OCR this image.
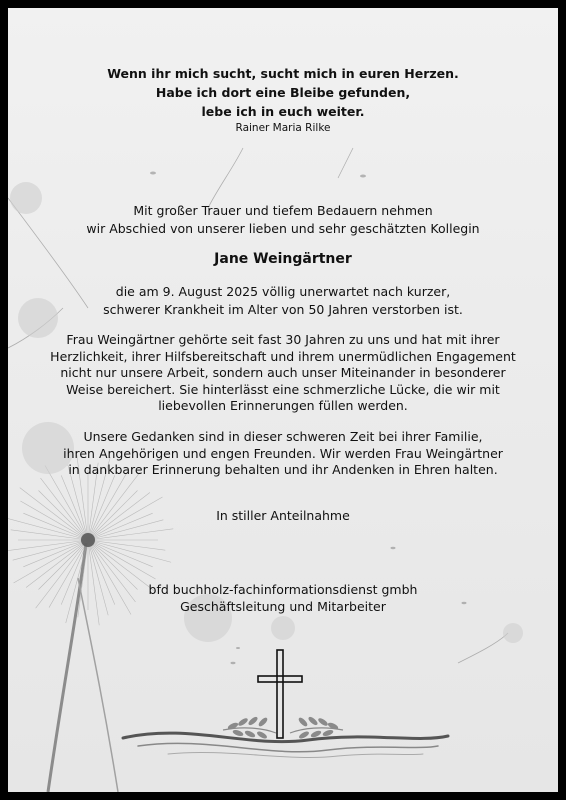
Wenn ihr mich sucht, sucht mich in euren Herzen.
Habe ich dort eine Bleibe gefunden,
lebe ich in euch weiter.
Rainer Maria Rilke
Mit großer Trauer und tiefem Bedauern nehmen
wir Abschied von unserer lieben und sehr geschätzten Kollegin
Jane Weingärtner
die am 9. August 2025 völlig unerwartet nach kurzer,
schwerer Krankheit im Alter von 50 Jahren verstorben ist.
Frau Weingärtner gehörte seit fast 30 Jahren zu uns und hat mit ihrer
Herzlichkeit, ihrer Hilfsbereitschaft und ihrem unermüdlichen Engagement
nicht nur unsere Arbeit, sondern auch unser Miteinander in besonderer
Weise bereichert. Sie hinterlässt eine schmerzliche Lücke, die wir mit
liebevollen Erinnerungen füllen werden.
Unsere Gedanken sind in dieser schweren Zeit bei ihrer Familie,
ihren Angehörigen und engen Freunden. Wir werden Frau Weingärtner
in dankbarer Erinnerung behalten und ihr Andenken in Ehren halten.
In stiller Anteilnahme
bfd buchholz-fachinformationsdienst gmbh
Geschäftsleitung und Mitarbeiter
